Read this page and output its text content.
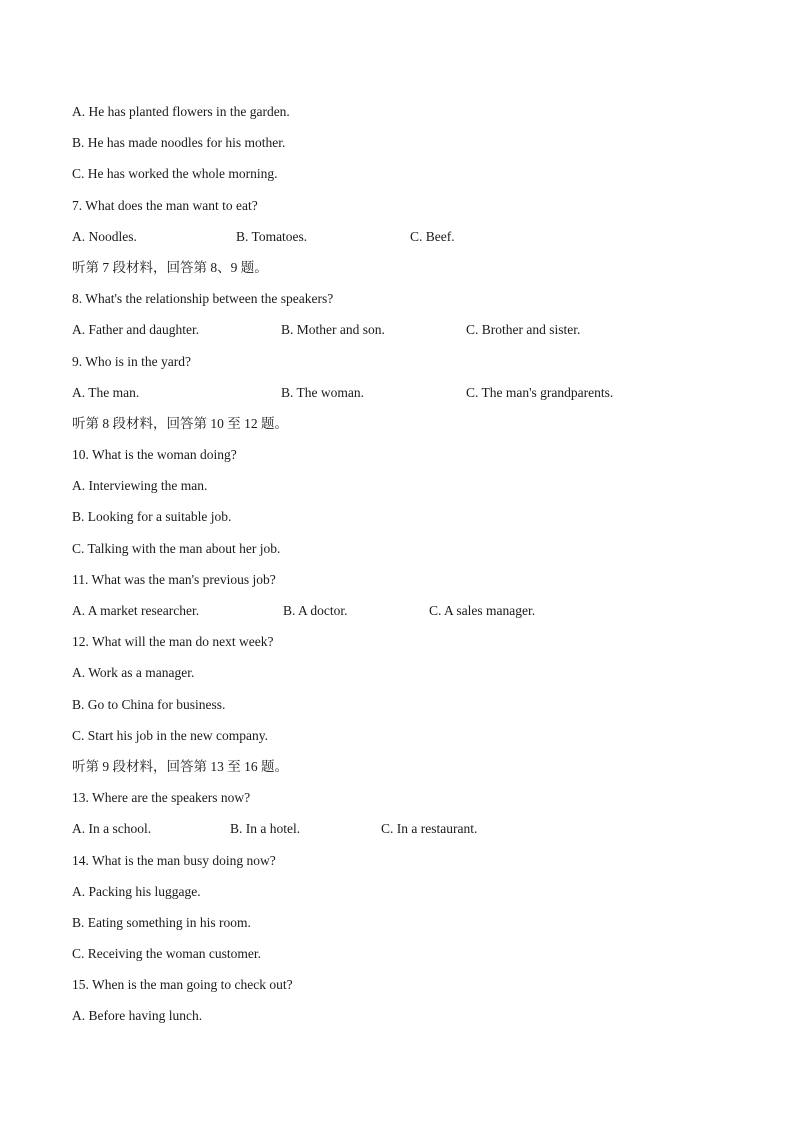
A. He has planted flowers in the garden.
B. He has made noodles for his mother.
C. He has worked the whole morning.
7. What does the man want to eat?
A. Noodles.	B. Tomatoes.	C. Beef.
听第 7 段材料，回答第 8、9 题。
8. What's the relationship between the speakers?
A. Father and daughter.	B. Mother and son.	C. Brother and sister.
9. Who is in the yard?
A. The man.	B. The woman.	C. The man's grandparents.
听第 8 段材料，回答第 10 至 12 题。
10. What is the woman doing?
A. Interviewing the man.
B. Looking for a suitable job.
C. Talking with the man about her job.
11. What was the man's previous job?
A. A market researcher.	B. A doctor.	C. A sales manager.
12. What will the man do next week?
A. Work as a manager.
B. Go to China for business.
C. Start his job in the new company.
听第 9 段材料，回答第 13 至 16 题。
13. Where are the speakers now?
A. In a school.	B. In a hotel.	C. In a restaurant.
14. What is the man busy doing now?
A. Packing his luggage.
B. Eating something in his room.
C. Receiving the woman customer.
15. When is the man going to check out?
A. Before having lunch.
